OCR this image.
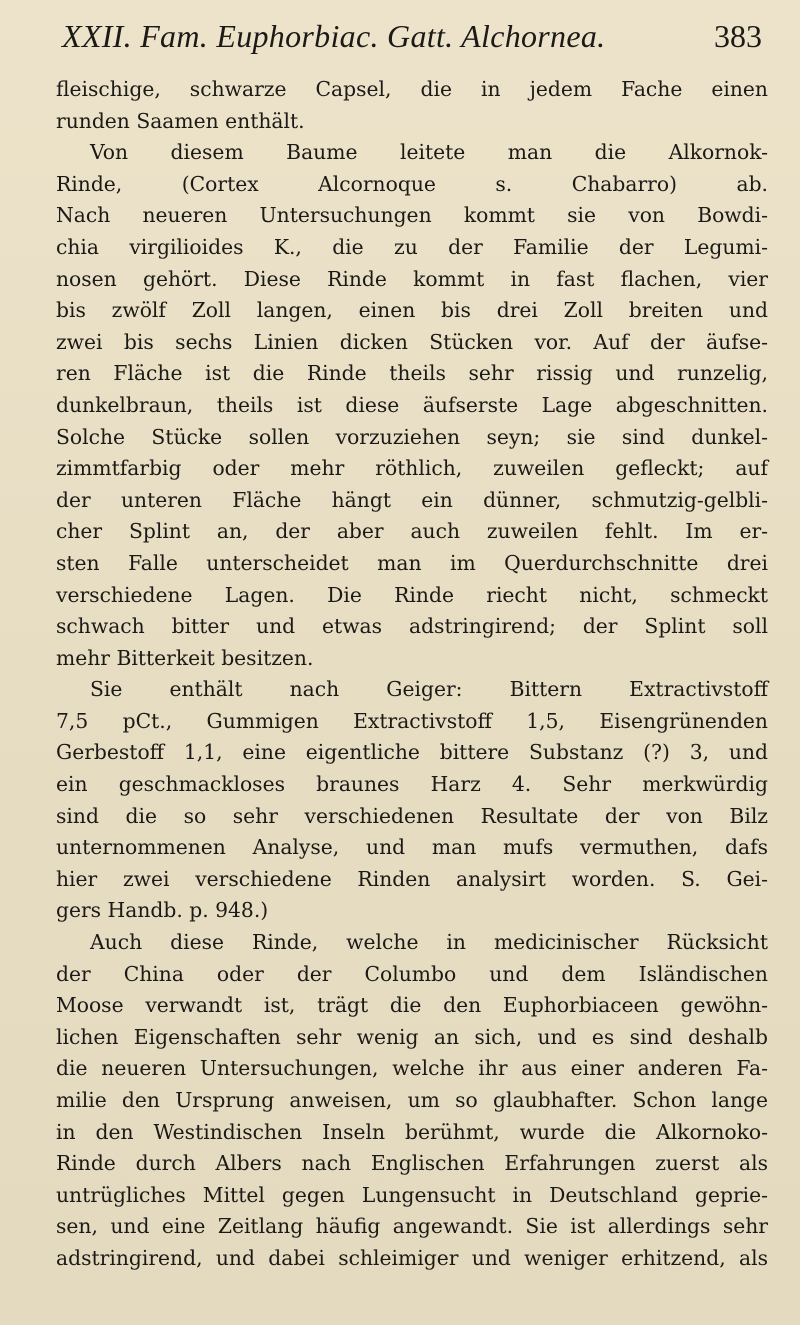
XXII. Fam. Euphorbiac. Gatt. Alchornea.	383
fleischige, schwarze Capsel, die in jedem Fache einen
runden Saamen enthält.
Von diesem Baume leitete man die Alkornok-
Rinde, (Cortex Alcornoque s. Chabarro) ab.
Nach neueren Untersuchungen kommt sie von Bowdi-
chia virgilioides K., die zu der Familie der Legumi-
nosen gehört. Diese Rinde kommt in fast flachen, vier
bis zwölf Zoll langen, einen bis drei Zoll breiten und
zwei bis sechs Linien dicken Stücken vor. Auf der äufse-
ren Fläche ist die Rinde theils sehr rissig und runzelig,
dunkelbraun, theils ist diese äufserste Lage abgeschnitten.
Solche Stücke sollen vorzuziehen seyn; sie sind dunkel-
zimmtfarbig oder mehr röthlich, zuweilen gefleckt; auf
der unteren Fläche hängt ein dünner, schmutzig-gelbli-
cher Splint an, der aber auch zuweilen fehlt. Im er-
sten Falle unterscheidet man im Querdurchschnitte drei
verschiedene Lagen. Die Rinde riecht nicht, schmeckt
schwach bitter und etwas adstringirend; der Splint soll
mehr Bitterkeit besitzen.
Sie enthält nach Geiger: Bittern Extractivstoff
7,5 pCt., Gummigen Extractivstoff 1,5, Eisengrünenden
Gerbestoff 1,1, eine eigentliche bittere Substanz (?) 3, und
ein geschmackloses braunes Harz 4. Sehr merkwürdig
sind die so sehr verschiedenen Resultate der von Bilz
unternommenen Analyse, und man mufs vermuthen, dafs
hier zwei verschiedene Rinden analysirt worden. S. Gei-
gers Handb. p. 948.)
Auch diese Rinde, welche in medicinischer Rücksicht
der China oder der Columbo und dem Isländischen
Moose verwandt ist, trägt die den Euphorbiaceen gewöhn-
lichen Eigenschaften sehr wenig an sich, und es sind deshalb
die neueren Untersuchungen, welche ihr aus einer anderen Fa-
milie den Ursprung anweisen, um so glaubhafter. Schon lange
in den Westindischen Inseln berühmt, wurde die Alkornoko-
Rinde durch Albers nach Englischen Erfahrungen zuerst als
untrügliches Mittel gegen Lungensucht in Deutschland geprie-
sen, und eine Zeitlang häufig angewandt. Sie ist allerdings sehr
adstringirend, und dabei schleimiger und weniger erhitzend, als
